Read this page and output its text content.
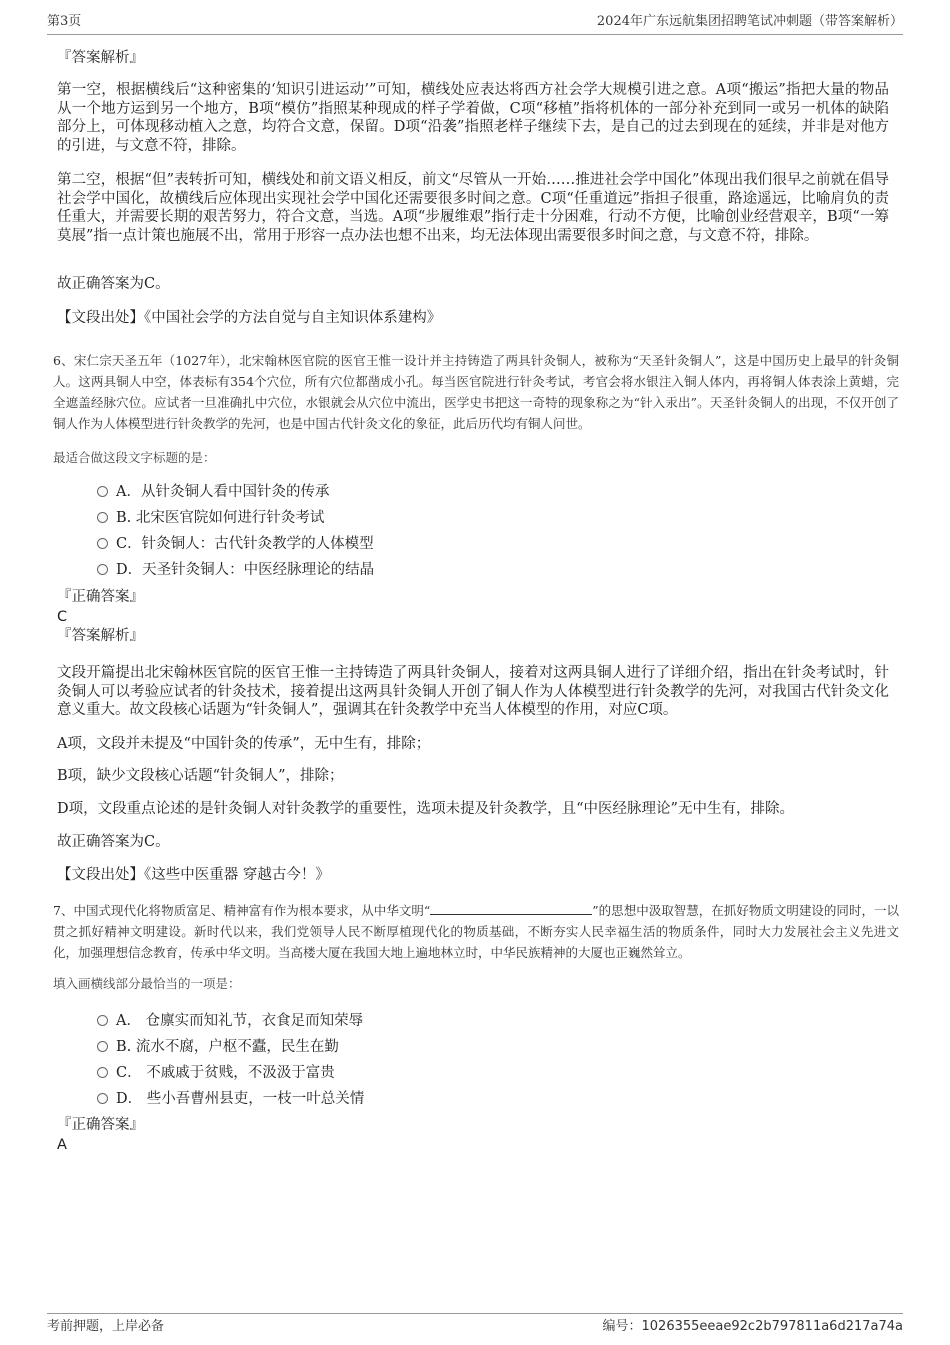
第3页	2024年广东远航集团招聘笔试冲刺题（带答案解析）
『答案解析』
第一空，根据横线后“这种密集的‘知识引进运动’”可知，横线处应表达将西方社会学大规模引进之意。A项“搬运”指把大量的物品从一个地方运到另一个地方，B项“模仿”指照某种现成的样子学着做，C项“移植”指将机体的一部分补充到同一或另一机体的缺陷部分上，可体现移动植入之意，均符合文意，保留。D项“沿袭”指照老样子继续下去，是自己的过去到现在的延续，并非是对他方的引进，与文意不符，排除。
第二空，根据“但”表转折可知，横线处和前文语义相反，前文“尽管从一开始……推进社会学中国化”体现出我们很早之前就在倡导社会学中国化，故横线后应体现出实现社会学中国化还需要很多时间之意。C项“任重道远”指担子很重，路途遥远，比喻肩负的责任重大，并需要长期的艰苦努力，符合文意，当选。A项“步履维艰”指行走十分困难，行动不方便，比喻创业经营艰辛，B项“一筹莫展”指一点计策也施展不出，常用于形容一点办法也想不出来，均无法体现出需要很多时间之意，与文意不符，排除。
故正确答案为C。
【文段出处】《中国社会学的方法自觉与自主知识体系建构》
6、宋仁宗天圣五年（1027年），北宋翰林医官院的医官王惟一设计并主持铸造了两具针灸铜人，被称为“天圣针灸铜人”，这是中国历史上最早的针灸铜人。这两具铜人中空，体表标有354个穴位，所有穴位都凿成小孔。每当医官院进行针灸考试，考官会将水银注入铜人体内，再将铜人体表涂上黄蜡，完全遮盖经脉穴位。应试者一旦准确扎中穴位，水银就会从穴位中流出，医学史书把这一奇特的现象称之为“针入汞出”。天圣针灸铜人的出现，不仅开创了铜人作为人体模型进行针灸教学的先河，也是中国古代针灸文化的象征，此后历代均有铜人问世。
最适合做这段文字标题的是：
A．从针灸铜人看中国针灸的传承
B. 北宋医官院如何进行针灸考试
C．针灸铜人：古代针灸教学的人体模型
D．天圣针灸铜人：中医经脉理论的结晶
『正确答案』
C
『答案解析』
文段开篇提出北宋翰林医官院的医官王惟一主持铸造了两具针灸铜人，接着对这两具铜人进行了详细介绍，指出在针灸考试时，针灸铜人可以考验应试者的针灸技术，接着提出这两具针灸铜人开创了铜人作为人体模型进行针灸教学的先河，对我国古代针灸文化意义重大。故文段核心话题为“针灸铜人”，强调其在针灸教学中充当人体模型的作用，对应C项。
A项，文段并未提及“中国针灸的传承”，无中生有，排除；
B项，缺少文段核心话题“针灸铜人”，排除；
D项，文段重点论述的是针灸铜人对针灸教学的重要性，选项未提及针灸教学，且“中医经脉理论”无中生有，排除。
故正确答案为C。
【文段出处】《这些中医重器 穿越古今！》
7、中国式现代化将物质富足、精神富有作为根本要求，从中华文明“	”的思想中汲取智慧，在抓好物质文明建设的同时，一以贯之抓好精神文明建设。新时代以来，我们党领导人民不断厚植现代化的物质基础，不断夯实人民幸福生活的物质条件，同时大力发展社会主义先进文化，加强理想信念教育，传承中华文明。当高楼大厦在我国大地上遍地林立时，中华民族精神的大厦也正巍然耸立。
填入画横线部分最恰当的一项是：
A． 仓廪实而知礼节，衣食足而知荣辱
B. 流水不腐，户枢不蠹，民生在勤
C． 不戚戚于贫贱，不汲汲于富贵
D． 些小吾曹州县吏，一枝一叶总关情
『正确答案』
A
考前押题，上岸必备	编号：1026355eeae92c2b797811a6d217a74a
